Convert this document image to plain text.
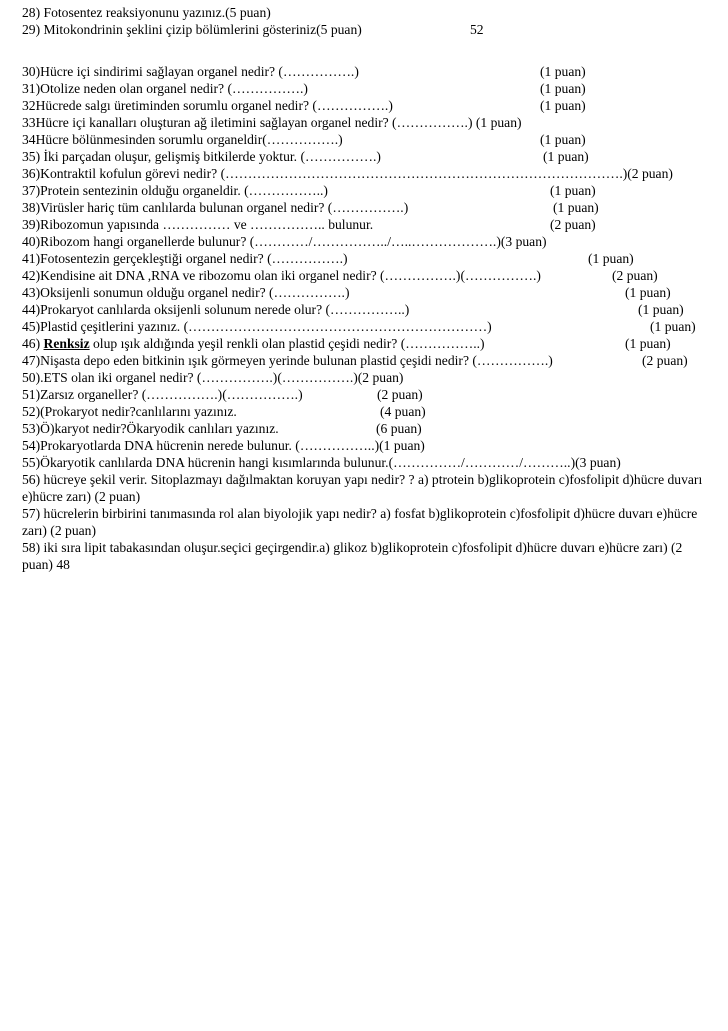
28) Fotosentez reaksiyonunu yazınız.(5 puan)
29) Mitokondrinin şeklini çizip bölümlerini gösteriniz(5 puan)	52
30)Hücre içi sindirimi sağlayan organel nedir? (…………….)	(1 puan)
31)Otolize neden olan organel nedir? (…………….)	(1 puan)
32Hücrede salgı üretiminden sorumlu organel nedir? (…………….)	(1 puan)
33Hücre içi kanalları oluşturan ağ iletimini sağlayan organel nedir? (…………….) (1 puan)
34Hücre bölünmesinden sorumlu organeldir(…………….)	(1 puan)
35) İki parçadan oluşur, gelişmiş bitkilerde yoktur. (…………….)	(1 puan)
36)Kontraktil kofulun görevi nedir? (…………………………………………………………………………….)(2 puan)
37)Protein sentezinin olduğu organeldir. (……………..)	(1 puan)
38)Virüsler hariç tüm canlılarda bulunan organel nedir? (…………….)	(1 puan)
39)Ribozomun yapısında …………… ve …………….. bulunur.	(2 puan)
40)Ribozom hangi organellerde bulunur? (…………/……………../…..……………….)(3 puan)
41)Fotosentezin gerçekleştiği organel nedir? (…………….)	(1 puan)
42)Kendisine ait DNA ,RNA ve ribozomu olan iki organel nedir? (…………….)(…………….)	(2 puan)
43)Oksijenli sonumun olduğu organel nedir? (…………….)	(1 puan)
44)Prokaryot canlılarda oksijenli solunum nerede olur? (……………..)	(1 puan)
45)Plastid çeşitlerini yazınız. (…………………………………………………………)	(1 puan)
46) Renksiz olup ışık aldığında yeşil renkli olan plastid çeşidi nedir? (……………..)	(1 puan)
47)Nişasta depo eden bitkinin ışık görmeyen yerinde bulunan plastid çeşidi nedir? (…………….)	(2 puan)
50).ETS olan iki organel nedir? (…………….)(…………….)(2 puan)
51)Zarsız organeller? (…………….)(…………….)	(2 puan)
52)(Prokaryot nedir?canlılarını yazınız.	(4 puan)
53)Ö)karyot nedir?Ökaryodik canlıları yazınız.	(6 puan)
54)Prokaryotlarda DNA hücrenin nerede bulunur. (……………..)(1 puan)
55)Ökaryotik canlılarda DNA hücrenin hangi kısımlarında bulunur.(……………/…………/………..)(3 puan)
56) hücreye şekil verir. Sitoplazmayı dağılmaktan koruyan yapı nedir? ? a) ptrotein b)glikoprotein c)fosfolipit d)hücre duvarı e)hücre zarı) (2 puan)
57) hücrelerin birbirini tanımasında rol alan biyolojik yapı nedir? a) fosfat b)glikoprotein c)fosfolipit d)hücre duvarı e)hücre zarı) (2 puan)
58) iki sıra lipit tabakasından oluşur.seçici geçirgendir.a) glikoz b)glikoprotein c)fosfolipit d)hücre duvarı e)hücre zarı) (2 puan) 48
